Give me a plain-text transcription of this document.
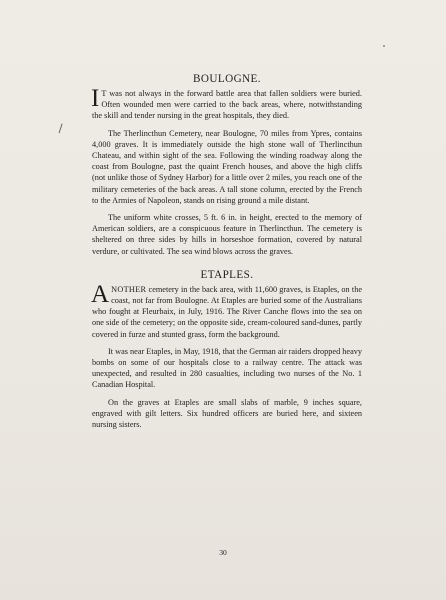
BOULOGNE.

I T was not always in the forward battle area that fallen soldiers were buried. Often wounded men were carried to the back areas, where, notwithstanding the skill and tender nursing in the great hospitals, they died.

The Therlincthun Cemetery, near Boulogne, 70 miles from Ypres, contains 4,000 graves. It is immediately outside the high stone wall of Therlincthun Chateau, and within sight of the sea. Following the winding roadway along the coast from Boulogne, past the quaint French houses, and above the high cliffs (not unlike those of Sydney Harbor) for a little over 2 miles, you reach one of the military cemeteries of the back areas. A tall stone column, erected by the French to the Armies of Napoleon, stands on rising ground a mile distant.

The uniform white crosses, 5 ft. 6 in. in height, erected to the memory of American soldiers, are a conspicuous feature in Therlincthun. The cemetery is sheltered on three sides by hills in horseshoe formation, covered by natural verdure, or cultivated. The sea wind blows across the graves.

ETAPLES.

ANOTHER cemetery in the back area, with 11,600 graves, is Etaples, on the coast, not far from Boulogne. At Etaples are buried some of the Australians who fought at Fleurbaix, in July, 1916. The River Canche flows into the sea on one side of the cemetery; on the opposite side, cream-coloured sand-dunes, partly covered in furze and stunted grass, form the background.

It was near Etaples, in May, 1918, that the German air raiders dropped heavy bombs on some of our hospitals close to a railway centre. The attack was unexpected, and resulted in 280 casualties, including two nurses of the No. 1 Canadian Hospital.

On the graves at Etaples are small slabs of marble, 9 inches square, engraved with gilt letters. Six hundred officers are buried here, and sixteen nursing sisters.

30
